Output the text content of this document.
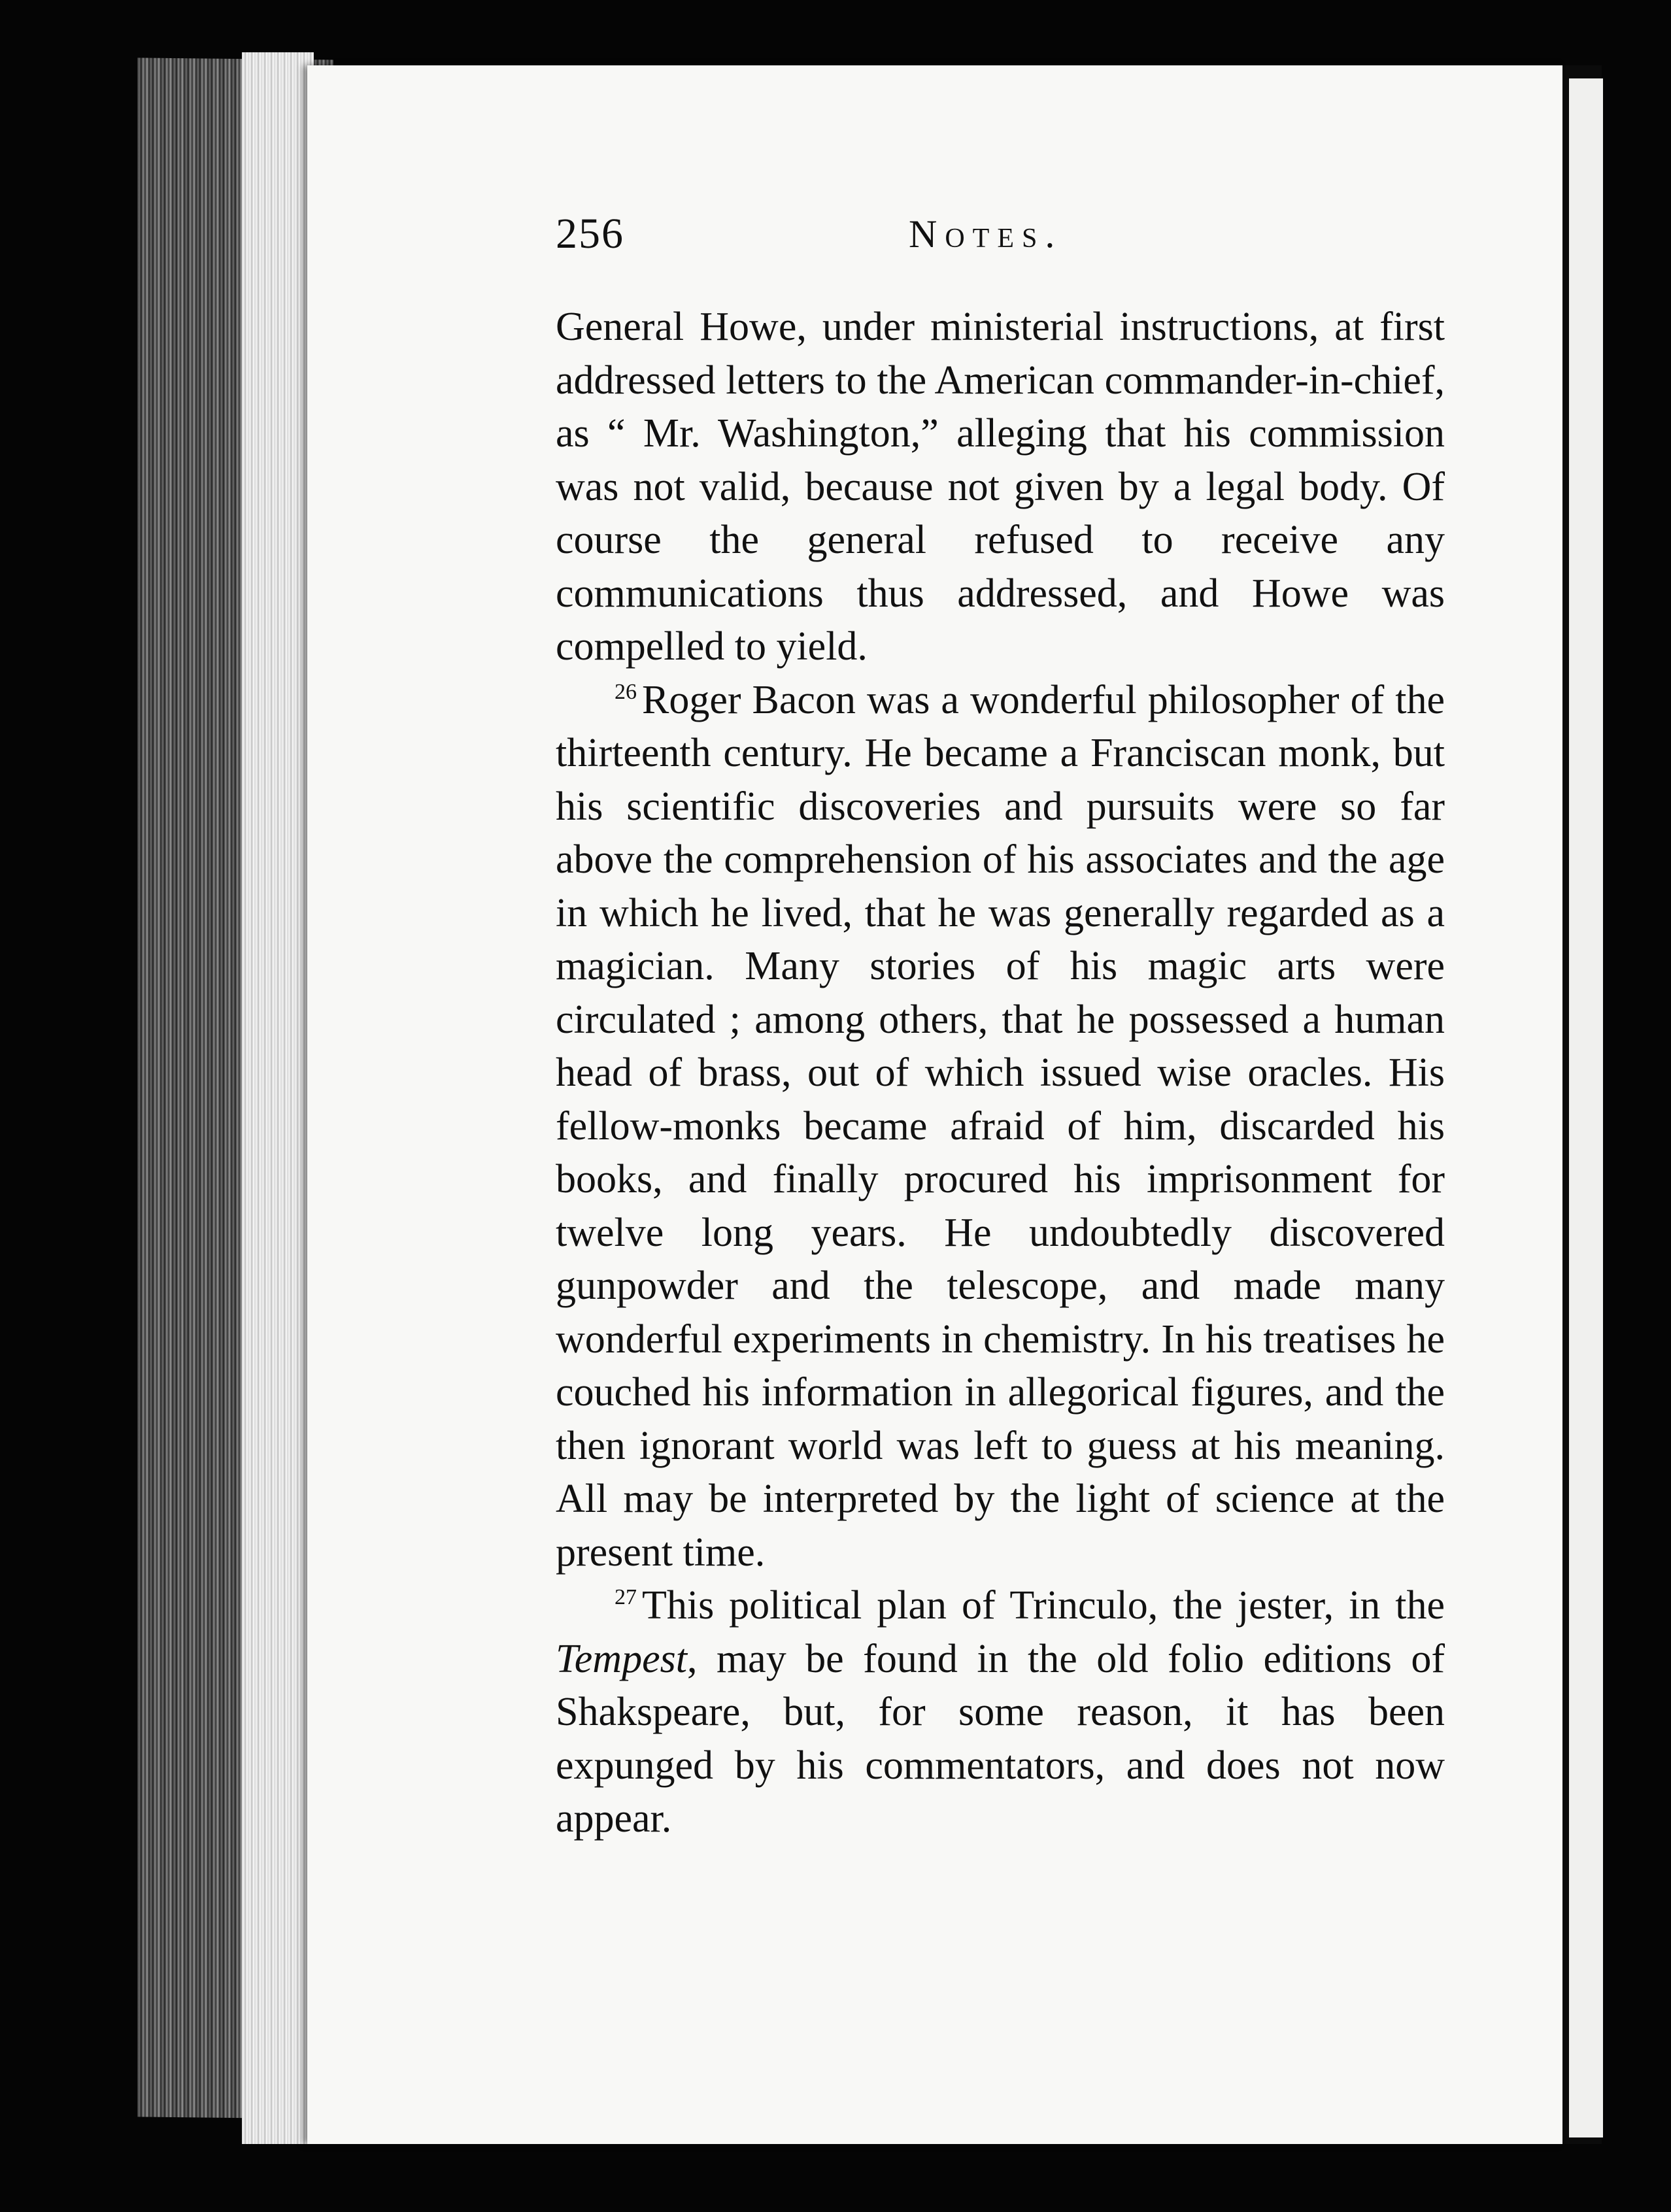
256	Notes.

General Howe, under ministerial instructions, at first addressed letters to the American commander-in-chief, as “ Mr. Washington,” alleging that his commission was not valid, because not given by a legal body. Of course the general refused to receive any communications thus addressed, and Howe was compelled to yield.

$^{26}$ Roger Bacon was a wonderful philosopher of the thirteenth century. He became a Franciscan monk, but his scientific discoveries and pursuits were so far above the comprehension of his associates and the age in which he lived, that he was generally regarded as a magician. Many stories of his magic arts were circulated ; among others, that he possessed a human head of brass, out of which issued wise oracles. His fellow-monks became afraid of him, discarded his books, and finally procured his imprisonment for twelve long years. He undoubtedly discovered gunpowder and the telescope, and made many wonderful experiments in chemistry. In his treatises he couched his information in allegorical figures, and the then ignorant world was left to guess at his meaning. All may be interpreted by the light of science at the present time.

$^{27}$ This political plan of Trinculo, the jester, in the Tempest, may be found in the old folio editions of Shakspeare, but, for some reason, it has been expunged by his commentators, and does not now appear.
